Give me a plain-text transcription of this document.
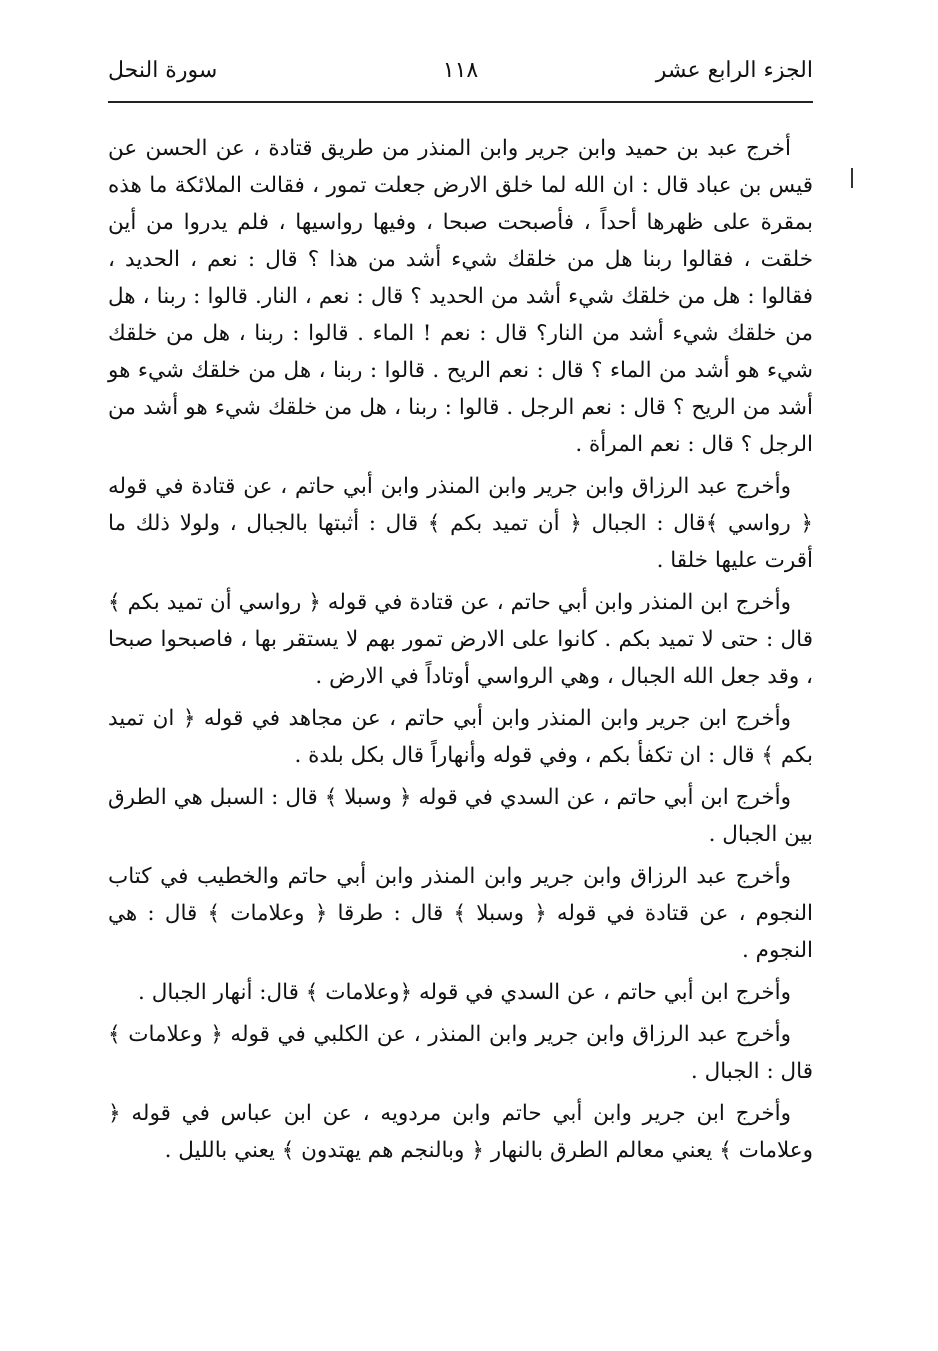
الجزء الرابع عشر
١١٨
سورة النحل

أخرج عبد بن حميد وابن جرير وابن المنذر من طريق قتادة ، عن الحسن عن قيس بن عباد قال : ان الله لما خلق الارض جعلت تمور ، فقالت الملائكة ما هذه بمقرة على ظهرها أحداً ، فأصبحت صبحا ، وفيها رواسيها ، فلم يدروا من أين خلقت ، فقالوا ربنا هل من خلقك شيء أشد من هذا ؟ قال : نعم ، الحديد ، فقالوا : هل من خلقك شيء أشد من الحديد ؟ قال : نعم ، النار. قالوا : ربنا ، هل من خلقك شيء أشد من النار؟ قال : نعم ! الماء . قالوا : ربنا ، هل من خلقك شيء هو أشد من الماء ؟ قال : نعم الريح . قالوا : ربنا ، هل من خلقك شيء هو أشد من الريح ؟ قال : نعم الرجل . قالوا : ربنا ، هل من خلقك شيء هو أشد من الرجل ؟ قال : نعم المرأة .

وأخرج عبد الرزاق وابن جرير وابن المنذر وابن أبي حاتم ، عن قتادة في قوله ﴿ رواسي ﴾قال : الجبال ﴿ أن تميد بكم ﴾ قال : أثبتها بالجبال ، ولولا ذلك ما أقرت عليها خلقا .

وأخرج ابن المنذر وابن أبي حاتم ، عن قتادة في قوله ﴿ رواسي أن تميد بكم ﴾ قال : حتى لا تميد بكم . كانوا على الارض تمور بهم لا يستقر بها ، فاصبحوا صبحا ، وقد جعل الله الجبال ، وهي الرواسي أوتاداً في الارض .

وأخرج ابن جرير وابن المنذر وابن أبي حاتم ، عن مجاهد في قوله ﴿ ان تميد بكم ﴾ قال : ان تكفأ بكم ، وفي قوله وأنهاراً قال بكل بلدة .

وأخرج ابن أبي حاتم ، عن السدي في قوله ﴿ وسبلا ﴾ قال : السبل هي الطرق بين الجبال .

وأخرج عبد الرزاق وابن جرير وابن المنذر وابن أبي حاتم والخطيب في كتاب النجوم ، عن قتادة في قوله ﴿ وسبلا ﴾ قال : طرقا ﴿ وعلامات ﴾ قال : هي النجوم .

وأخرج ابن أبي حاتم ، عن السدي في قوله ﴿وعلامات ﴾ قال: أنهار الجبال .

وأخرج عبد الرزاق وابن جرير وابن المنذر ، عن الكلبي في قوله ﴿ وعلامات ﴾ قال : الجبال .

وأخرج ابن جرير وابن أبي حاتم وابن مردويه ، عن ابن عباس في قوله ﴿ وعلامات ﴾ يعني معالم الطرق بالنهار ﴿ وبالنجم هم يهتدون ﴾ يعني بالليل .
